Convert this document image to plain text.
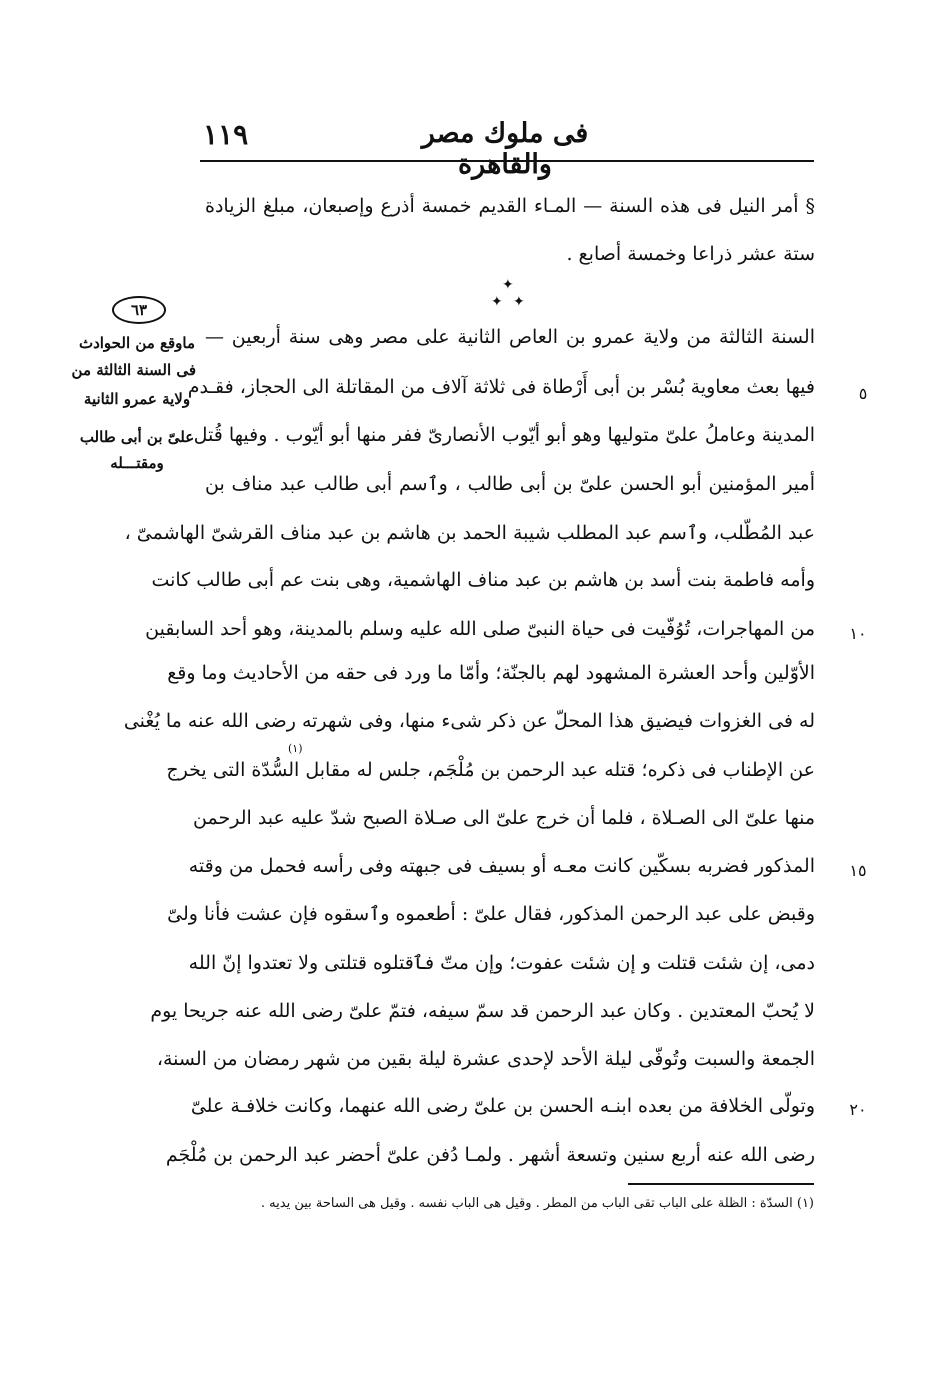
١١٩	فى ملوك مصر والقاهرة
§ أمر النيل فى هذه السنة — المـاء القديم خمسة أذرع وإصبعان، مبلغ الزيادة
ستة عشر ذراعا وخمسة أصابع .
✦
✦ ✦
السنة الثالثة من ولاية عمرو بن العاص الثانية على مصر وهى سنة أربعين —
فيها بعث معاوية بُسْر بن أبى أَرْطاة فى ثلاثة آلاف من المقاتلة الى الحجاز، فقـدم
المدينة وعاملُ علىّ متوليها وهو أبو أيّوب الأنصارىّ ففر منها أبو أيّوب . وفيها قُتل
أمير المؤمنين أبو الحسن علىّ بن أبى طالب ، وٱسم أبى طالب عبد مناف بن
عبد المُطّلب، وٱسم عبد المطلب شيبة الحمد بن هاشم بن عبد مناف القرشىّ الهاشمىّ ،
وأمه فاطمة بنت أسد بن هاشم بن عبد مناف الهاشمية، وهى بنت عم أبى طالب كانت
من المهاجرات، تُوُفّيت فى حياة النبىّ صلى الله عليه وسلم بالمدينة، وهو أحد السابقين
الأوّلين وأحد العشرة المشهود لهم بالجنّة؛ وأمّا ما ورد فى حقه من الأحاديث وما وقع
له فى الغزوات فيضيق هذا المحلّ عن ذكر شىء منها، وفى شهرته رضى الله عنه ما يُغْنى
عن الإطناب فى ذكره؛ قتله عبد الرحمن بن مُلْجَم، جلس له مقابل السُّدّة التى يخرج
(١)
منها علىّ الى الصـلاة ، فلما أن خرج علىّ الى صـلاة الصبح شدّ عليه عبد الرحمن
المذكور فضربه بسكّين كانت معـه أو بسيف فى جبهته وفى رأسه فحمل من وقته
وقبض على عبد الرحمن المذكور، فقال علىّ : أطعموه وٱسقوه فإن عشت فأنا ولىّ
دمى، إن شئت قتلت و إن شئت عفوت؛ وإن متّ فٱقتلوه قتلتى ولا تعتدوا إنّ الله
لا يُحبّ المعتدين . وكان عبد الرحمن قد سمّ سيفه، فتمّ علىّ رضى الله عنه جريحا يوم
الجمعة والسبت وتُوفّى ليلة الأحد لإحدى عشرة ليلة بقين من شهر رمضان من السنة،
وتولّى الخلافة من بعده ابنـه الحسن بن علىّ رضى الله عنهما، وكانت خلافـة علىّ
رضى الله عنه أربع سنين وتسعة أشهر . ولمـا دُفن علىّ أحضر عبد الرحمن بن مُلْجَم
٦٣
ماوقع من الحوادث
فى السنة الثالثة من
ولاية عمرو الثانية
علىّ بن أبى طالب
ومقتـــله
٥
١٠
١٥
٢٠
(١) السدّة : الظلة على الباب تقى الباب من المطر . وقيل هى الباب نفسه . وقيل هى الساحة بين يديه .
